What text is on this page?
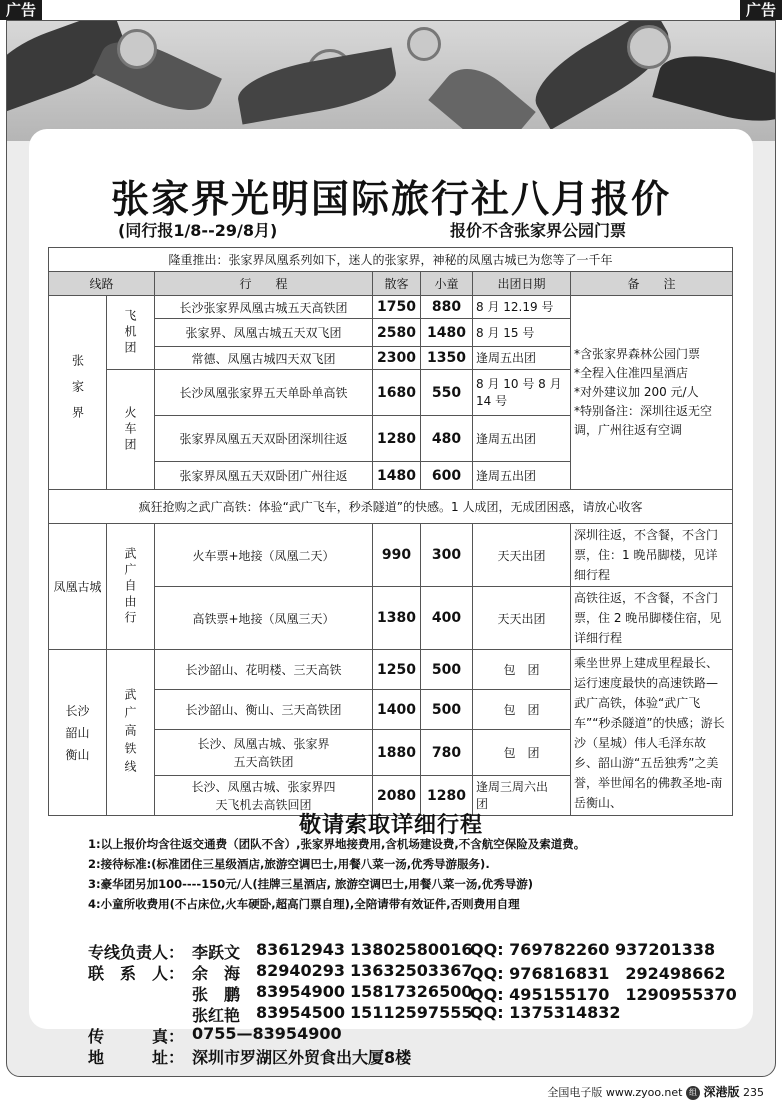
广告	广告
张家界光明国际旅行社八月报价
(同行报1/8--29/8月)	报价不含张家界公园门票
隆重推出：张家界凤凰系列如下，迷人的张家界，神秘的凤凰古城已为您等了一千年						
线路		行　　程	散客	小童	出团日期	备　　注
张家界	飞机团	长沙张家界凤凰古城五天高铁团	1750	880	8 月 12.19 号	*含张家界森林公园门票
*全程入住准四星酒店
*对外建议加 200 元/人
*特别备注：深圳往返无空调，广州往返有空调

		张家界、凤凰古城五天双飞团	2580	1480	8 月 15 号	
		常德、凤凰古城四天双飞团	2300	1350	逢周五出团	
	火车团	长沙凤凰张家界五天单卧单高铁	1680	550	8 月 10 号 8 月 14 号	
		张家界凤凰五天双卧团深圳往返	1280	480	逢周五出团	
		张家界凤凰五天双卧团广州往返	1480	600	逢周五出团	
疯狂抢购之武广高铁：体验“武广飞车，秒杀隧道”的快感。1 人成团，无成团困惑，请放心收客						
凤凰古城	武广自由行	火车票+地接（凤凰二天）	990	300	天天出团	深圳往返，不含餐，不含门票，住：1 晚吊脚楼，见详细行程
		高铁票+地接（凤凰三天）	1380	400	天天出团	高铁往返，不含餐，不含门票，住 2 晚吊脚楼住宿，见详细行程

长沙
韶山
衡山	武广高铁线	长沙韶山、花明楼、三天高铁	1250	500	包　团	乘坐世界上建成里程最长、运行速度最快的高速铁路—武广高铁，体验“武广飞车”“秒杀隧道”的快感；游长沙（星城）伟人毛泽东故乡、韶山游“五岳独秀”之美誉，举世闻名的佛教圣地-南岳衡山、
		长沙韶山、衡山、三天高铁团	1400	500	包　团	
		长沙、凤凰古城、张家界五天高铁团	1880	780	包　团	
		长沙、凤凰古城、张家界四天飞机去高铁回团	2080	1280	逢周三周六出　　团	
敬请索取详细行程
1:以上报价均含往返交通费（团队不含）,张家界地接费用,含机场建设费,不含航空保险及索道费。
2:接待标准:(标准团住三星级酒店,旅游空调巴士,用餐八菜一汤,优秀导游服务).
3:豪华团另加100----150元/人(挂牌三星酒店, 旅游空调巴士,用餐八菜一汤,优秀导游)
4:小童所收费用(不占床位,火车硬卧,超高门票自理),全陪请带有效证件,否则费用自理
专线负责人： 李跃文 83612943 13802580016
QQ: 769782260 937201338
联　系　人： 余　海 82940293 13632503367
QQ: 976816831　292498662
张　鹏 83954900 15817326500
QQ: 495155170　1290955370
张红艳 83954500 15112597555
QQ: 1375314832
传　　　真： 0755—83954900
地　　　址： 深圳市罗湖区外贸食出大厦8楼
全国电子版 www.zyoo.net 组 深港版 235
